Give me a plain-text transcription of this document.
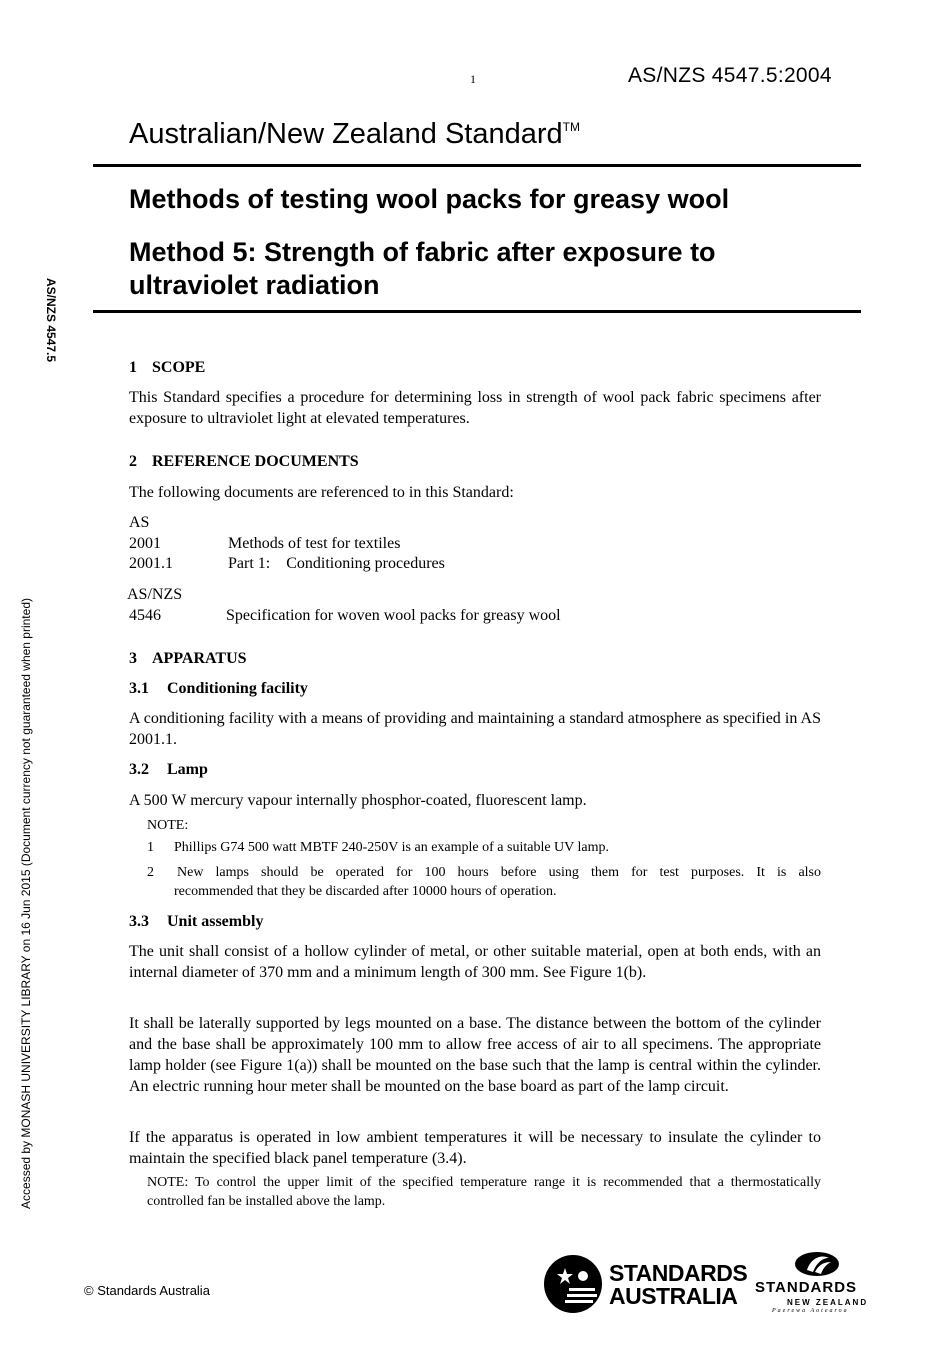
1	AS/NZS 4547.5:2004
Australian/New Zealand Standard™
Methods of testing wool packs for greasy wool
Method 5: Strength of fabric after exposure to
ultraviolet radiation
AS/NZS 4547.5
Accessed by MONASH UNIVERSITY LIBRARY on 16 Jun 2015 (Document currency not guaranteed when printed)
1 SCOPE
This Standard specifies a procedure for determining loss in strength of wool pack fabric specimens after exposure to ultraviolet light at elevated temperatures.
2 REFERENCE DOCUMENTS
The following documents are referenced to in this Standard:
AS
2001	Methods of test for textiles
2001.1	Part 1:    Conditioning procedures
AS/NZS
4546	Specification for woven wool packs for greasy wool
3 APPARATUS
3.1 Conditioning facility
A conditioning facility with a means of providing and maintaining a standard atmosphere as specified in AS 2001.1.
3.2 Lamp
A 500 W mercury vapour internally phosphor-coated, fluorescent lamp.
NOTE:
1 Phillips G74 500 watt MBTF 240-250V is an example of a suitable UV lamp.
2	New lamps should be operated for 100 hours before using them for test purposes. It is also
recommended that they be discarded after 10000 hours of operation.
3.3 Unit assembly
The unit shall consist of a hollow cylinder of metal, or other suitable material, open at both ends, with an internal diameter of 370 mm and a minimum length of 300 mm. See Figure 1(b).
It shall be laterally supported by legs mounted on a base. The distance between the bottom of the cylinder and the base shall be approximately 100 mm to allow free access of air to all specimens. The appropriate lamp holder (see Figure 1(a)) shall be mounted on the base such that the lamp is central within the cylinder. An electric running hour meter shall be mounted on the base board as part of the lamp circuit.
If the apparatus is operated in low ambient temperatures it will be necessary to insulate the cylinder to maintain the specified black panel temperature (3.4).
NOTE: To control the upper limit of the specified temperature range it is recommended that a thermostatically controlled fan be installed above the lamp.
© Standards Australia
STANDARDS
AUSTRALIA	STANDARDS
NEW ZEALAND
Paerewa Aotearoa
